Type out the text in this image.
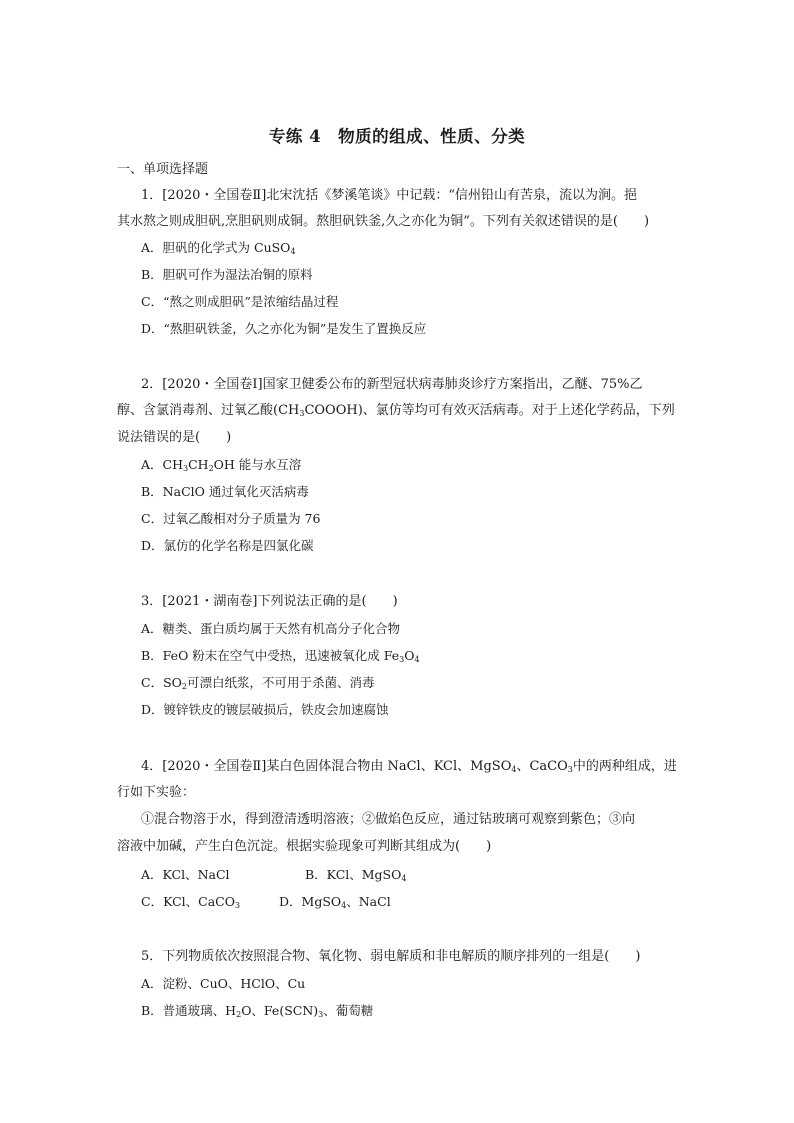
专练 4　物质的组成、性质、分类
一、单项选择题
1．[2020・全国卷Ⅱ]北宋沈括《梦溪笔谈》中记载：“信州铅山有苦泉，流以为涧。挹
其水熬之则成胆矾,烹胆矾则成铜。熬胆矾铁釜,久之亦化为铜”。下列有关叙述错误的是(　　)
A．胆矾的化学式为 CuSO$_4$
B．胆矾可作为湿法冶铜的原料
C．“熬之则成胆矾”是浓缩结晶过程
D．“熬胆矾铁釜，久之亦化为铜”是发生了置换反应
2．[2020・全国卷Ⅰ]国家卫健委公布的新型冠状病毒肺炎诊疗方案指出，乙醚、75%乙
醇、含氯消毒剂、过氧乙酸$(CH_3COOOH)$、氯仿等均可有效灭活病毒。对于上述化学药品，下列
说法错误的是(　　)
A．$CH_3CH_2OH$ 能与水互溶
B．NaClO 通过氧化灭活病毒
C．过氧乙酸相对分子质量为 76
D．氯仿的化学名称是四氯化碳
3．[2021・湖南卷]下列说法正确的是(　　)
A．糖类、蛋白质均属于天然有机高分子化合物
B．FeO 粉末在空气中受热，迅速被氧化成 $Fe_3O_4$
C．$SO_2$可漂白纸浆，不可用于杀菌、消毒
D．镀锌铁皮的镀层破损后，铁皮会加速腐蚀
4．[2020・全国卷Ⅱ]某白色固体混合物由 NaCl、KCl、MgSO$_4$、CaCO$_3$中的两种组成，进
行如下实验：
①混合物溶于水，得到澄清透明溶液；②做焰色反应，通过钴玻璃可观察到紫色；③向
溶液中加碱，产生白色沉淀。根据实验现象可判断其组成为(　　)
A．KCl、NaCl	B．KCl、MgSO$_4$
C．KCl、CaCO$_3$	D．MgSO$_4$、NaCl
5．下列物质依次按照混合物、氧化物、弱电解质和非电解质的顺序排列的一组是(　　)
A．淀粉、CuO、HClO、Cu
B．普通玻璃、$H_2O$、$Fe(SCN)_3$、葡萄糖
